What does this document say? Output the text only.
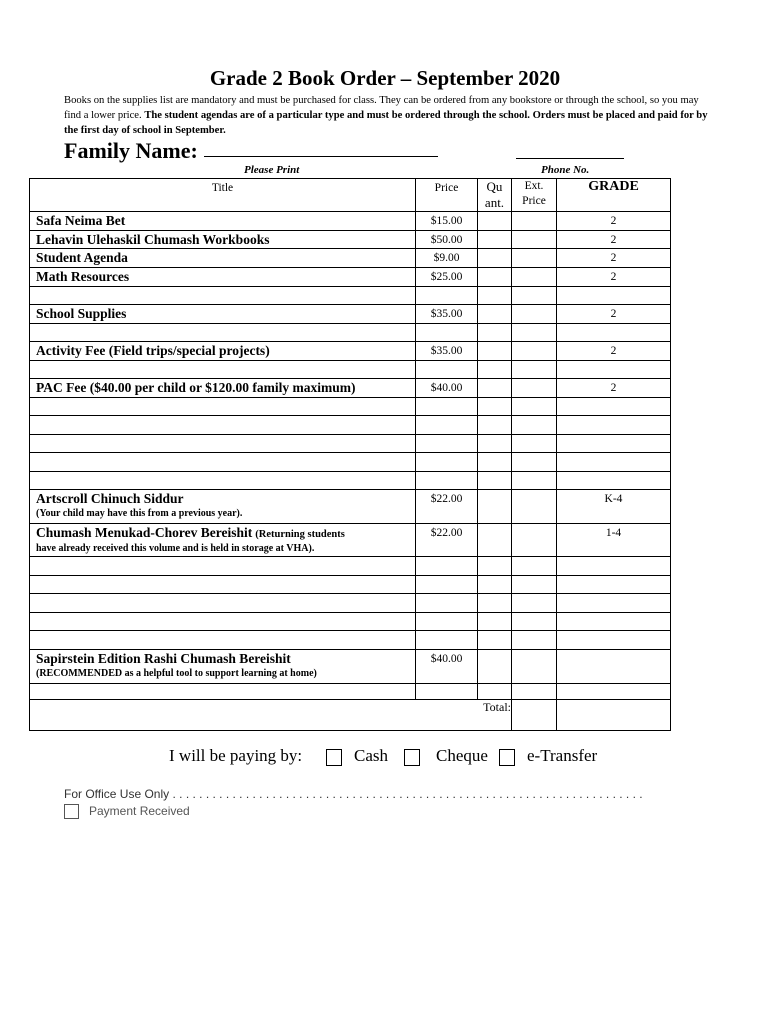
Grade 2 Book Order – September 2020
Books on the supplies list are mandatory and must be purchased for class. They can be ordered from any bookstore or through the school, so you may find a lower price. The student agendas are of a particular type and must be ordered through the school. Orders must be placed and paid for by the first day of school in September.
Family Name:
Please Print	Phone No.
Title	Price	Qu ant.	Ext. Price	GRADE
Safa Neima Bet	$15.00			2
Lehavin Ulehaskil Chumash Workbooks	$50.00			2
Student Agenda	$9.00			2
Math Resources	$25.00			2

School Supplies	$35.00			2

Activity Fee (Field trips/special projects)	$35.00			2

PAC Fee ($40.00 per child or $120.00 family maximum)	$40.00			2

Artscroll Chinuch Siddur
(Your child may have this from a previous year).	$22.00			K-4
Chumash Menukad-Chorev Bereishit (Returning students
have already received this volume and is held in storage at VHA).	$22.00			1-4

Sapirstein Edition Rashi Chumash Bereishit
(RECOMMENDED as a helpful tool to support learning at home)	$40.00			

Total:				
I will be paying by:	Cash	Cheque e-Transfer
For Office Use Only . . . . . . . . . . . . . . . . . . . . . . . . . . . . . . . . . . . . . . . . . . . . . . . . . . . . . . . . . . . . . . . . . . . . . . .
Payment Received
